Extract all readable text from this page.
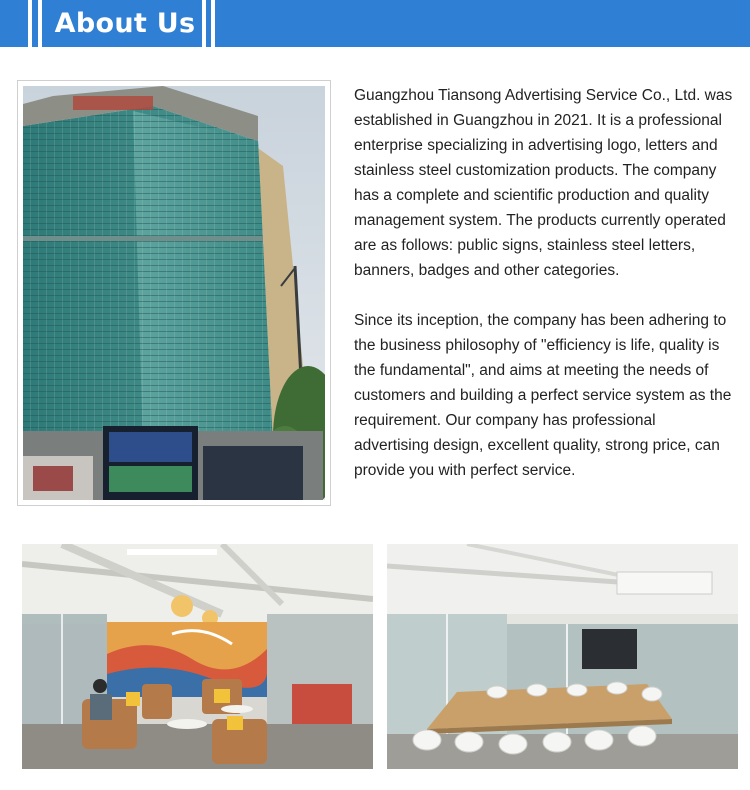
About Us

Guangzhou Tiansong Advertising Service Co., Ltd. was established in Guangzhou in 2021. It is a professional enterprise specializing in advertising logo, letters and stainless steel customization products. The company has a complete and scientific production and quality management system. The products currently operated are as follows: public signs, stainless steel letters, banners, badges and other categories.

Since its inception, the company has been adhering to the business philosophy of "efficiency is life, quality is the fundamental", and aims at meeting the needs of customers and building a perfect service system as the requirement. Our company has professional advertising design, excellent quality, strong price, can provide you with perfect service.
